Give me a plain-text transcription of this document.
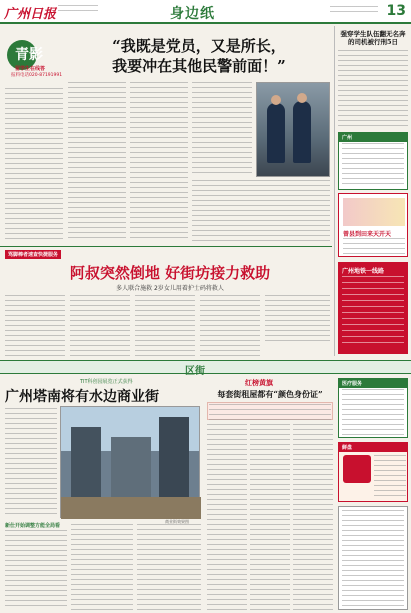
广州日报	身边纸	13
青影
留学生在线答
报料电话020-87191991
“我既是党员，又是所长，
我要冲在其他民警前面！”
强穿学生队伍翻无名奔的司机被行刑5日
广州
曾县到田来天开天
广州地铁一线路
骂脚棒者速查快捷服务
阿叔突然倒地 好街坊接力救助
多人联合施救 2岁女儿用着护士码将救人
区街
TIT科创园展览正式获得
广州塔南将有水边商业街
商业街效果图
新仕开始调整方能全局看
红榜黄旗
每套街租屋都有“颜色身份证”
医疗服务
鲜盘
